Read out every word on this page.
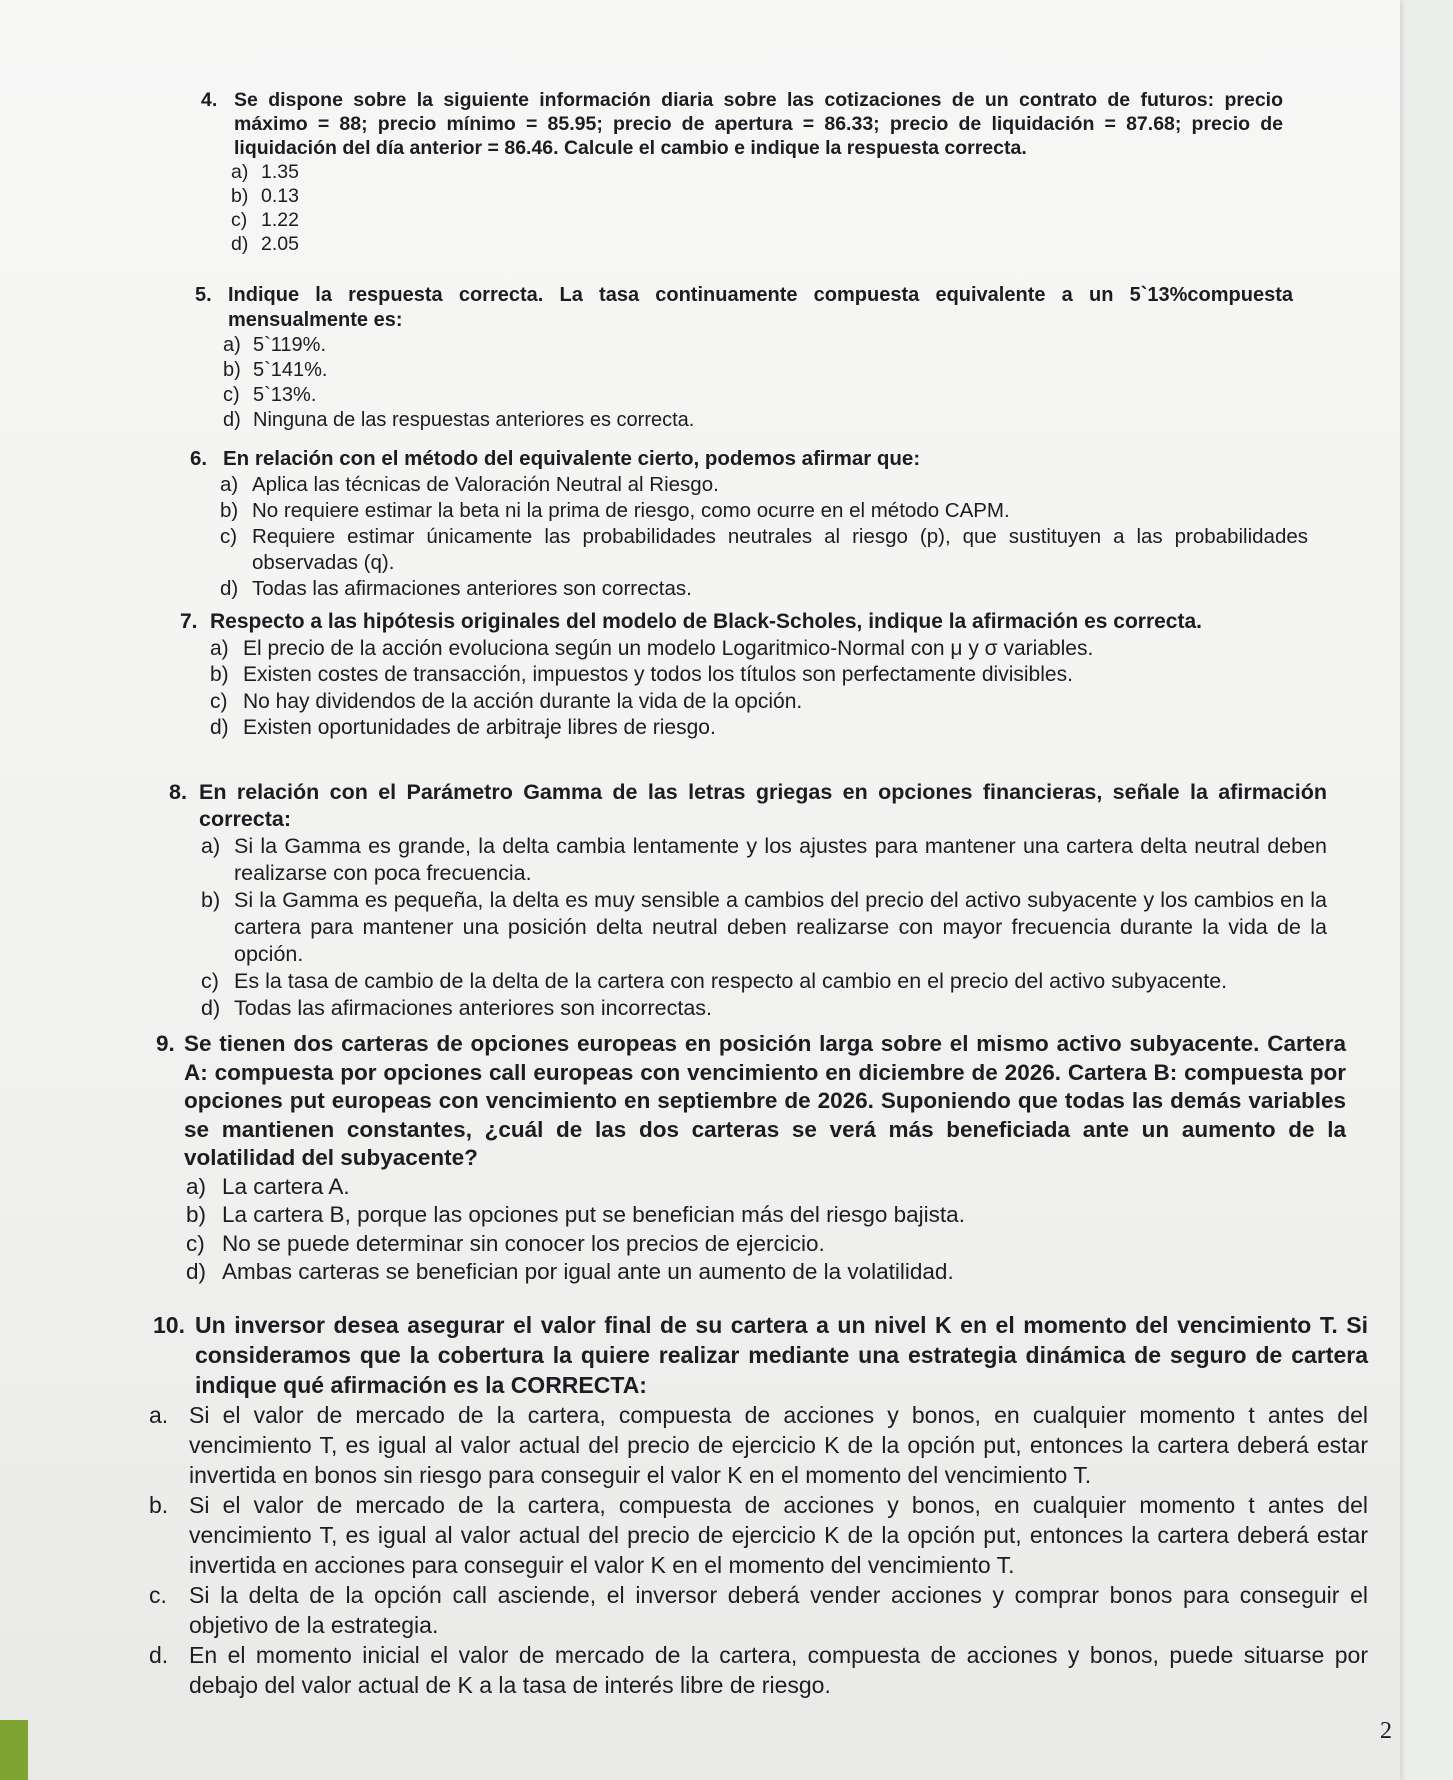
4. Se dispone sobre la siguiente información diaria sobre las cotizaciones de un contrato de futuros: precio máximo = 88; precio mínimo = 85.95; precio de apertura = 86.33; precio de liquidación = 87.68; precio de liquidación del día anterior = 86.46. Calcule el cambio e indique la respuesta correcta.
a) 1.35
b) 0.13
c) 1.22
d) 2.05
5. Indique la respuesta correcta. La tasa continuamente compuesta equivalente a un 5`13%compuesta mensualmente es:
a) 5`119%.
b) 5`141%.
c) 5`13%.
d) Ninguna de las respuestas anteriores es correcta.
6. En relación con el método del equivalente cierto, podemos afirmar que:
a) Aplica las técnicas de Valoración Neutral al Riesgo.
b) No requiere estimar la beta ni la prima de riesgo, como ocurre en el método CAPM.
c) Requiere estimar únicamente las probabilidades neutrales al riesgo (p), que sustituyen a las probabilidades observadas (q).
d) Todas las afirmaciones anteriores son correctas.
7. Respecto a las hipótesis originales del modelo de Black-Scholes, indique la afirmación es correcta.
a) El precio de la acción evoluciona según un modelo Logaritmico-Normal con μ y σ variables.
b) Existen costes de transacción, impuestos y todos los títulos son perfectamente divisibles.
c) No hay dividendos de la acción durante la vida de la opción.
d) Existen oportunidades de arbitraje libres de riesgo.
8. En relación con el Parámetro Gamma de las letras griegas en opciones financieras, señale la afirmación correcta:
a) Si la Gamma es grande, la delta cambia lentamente y los ajustes para mantener una cartera delta neutral deben realizarse con poca frecuencia.
b) Si la Gamma es pequeña, la delta es muy sensible a cambios del precio del activo subyacente y los cambios en la cartera para mantener una posición delta neutral deben realizarse con mayor frecuencia durante la vida de la opción.
c) Es la tasa de cambio de la delta de la cartera con respecto al cambio en el precio del activo subyacente.
d) Todas las afirmaciones anteriores son incorrectas.
9. Se tienen dos carteras de opciones europeas en posición larga sobre el mismo activo subyacente. Cartera A: compuesta por opciones call europeas con vencimiento en diciembre de 2026. Cartera B: compuesta por opciones put europeas con vencimiento en septiembre de 2026. Suponiendo que todas las demás variables se mantienen constantes, ¿cuál de las dos carteras se verá más beneficiada ante un aumento de la volatilidad del subyacente?
a) La cartera A.
b) La cartera B, porque las opciones put se benefician más del riesgo bajista.
c) No se puede determinar sin conocer los precios de ejercicio.
d) Ambas carteras se benefician por igual ante un aumento de la volatilidad.
10. Un inversor desea asegurar el valor final de su cartera a un nivel K en el momento del vencimiento T. Si consideramos que la cobertura la quiere realizar mediante una estrategia dinámica de seguro de cartera indique qué afirmación es la CORRECTA:
a. Si el valor de mercado de la cartera, compuesta de acciones y bonos, en cualquier momento t antes del vencimiento T, es igual al valor actual del precio de ejercicio K de la opción put, entonces la cartera deberá estar invertida en bonos sin riesgo para conseguir el valor K en el momento del vencimiento T.
b. Si el valor de mercado de la cartera, compuesta de acciones y bonos, en cualquier momento t antes del vencimiento T, es igual al valor actual del precio de ejercicio K de la opción put, entonces la cartera deberá estar invertida en acciones para conseguir el valor K en el momento del vencimiento T.
c. Si la delta de la opción call asciende, el inversor deberá vender acciones y comprar bonos para conseguir el objetivo de la estrategia.
d. En el momento inicial el valor de mercado de la cartera, compuesta de acciones y bonos, puede situarse por debajo del valor actual de K a la tasa de interés libre de riesgo.
2
